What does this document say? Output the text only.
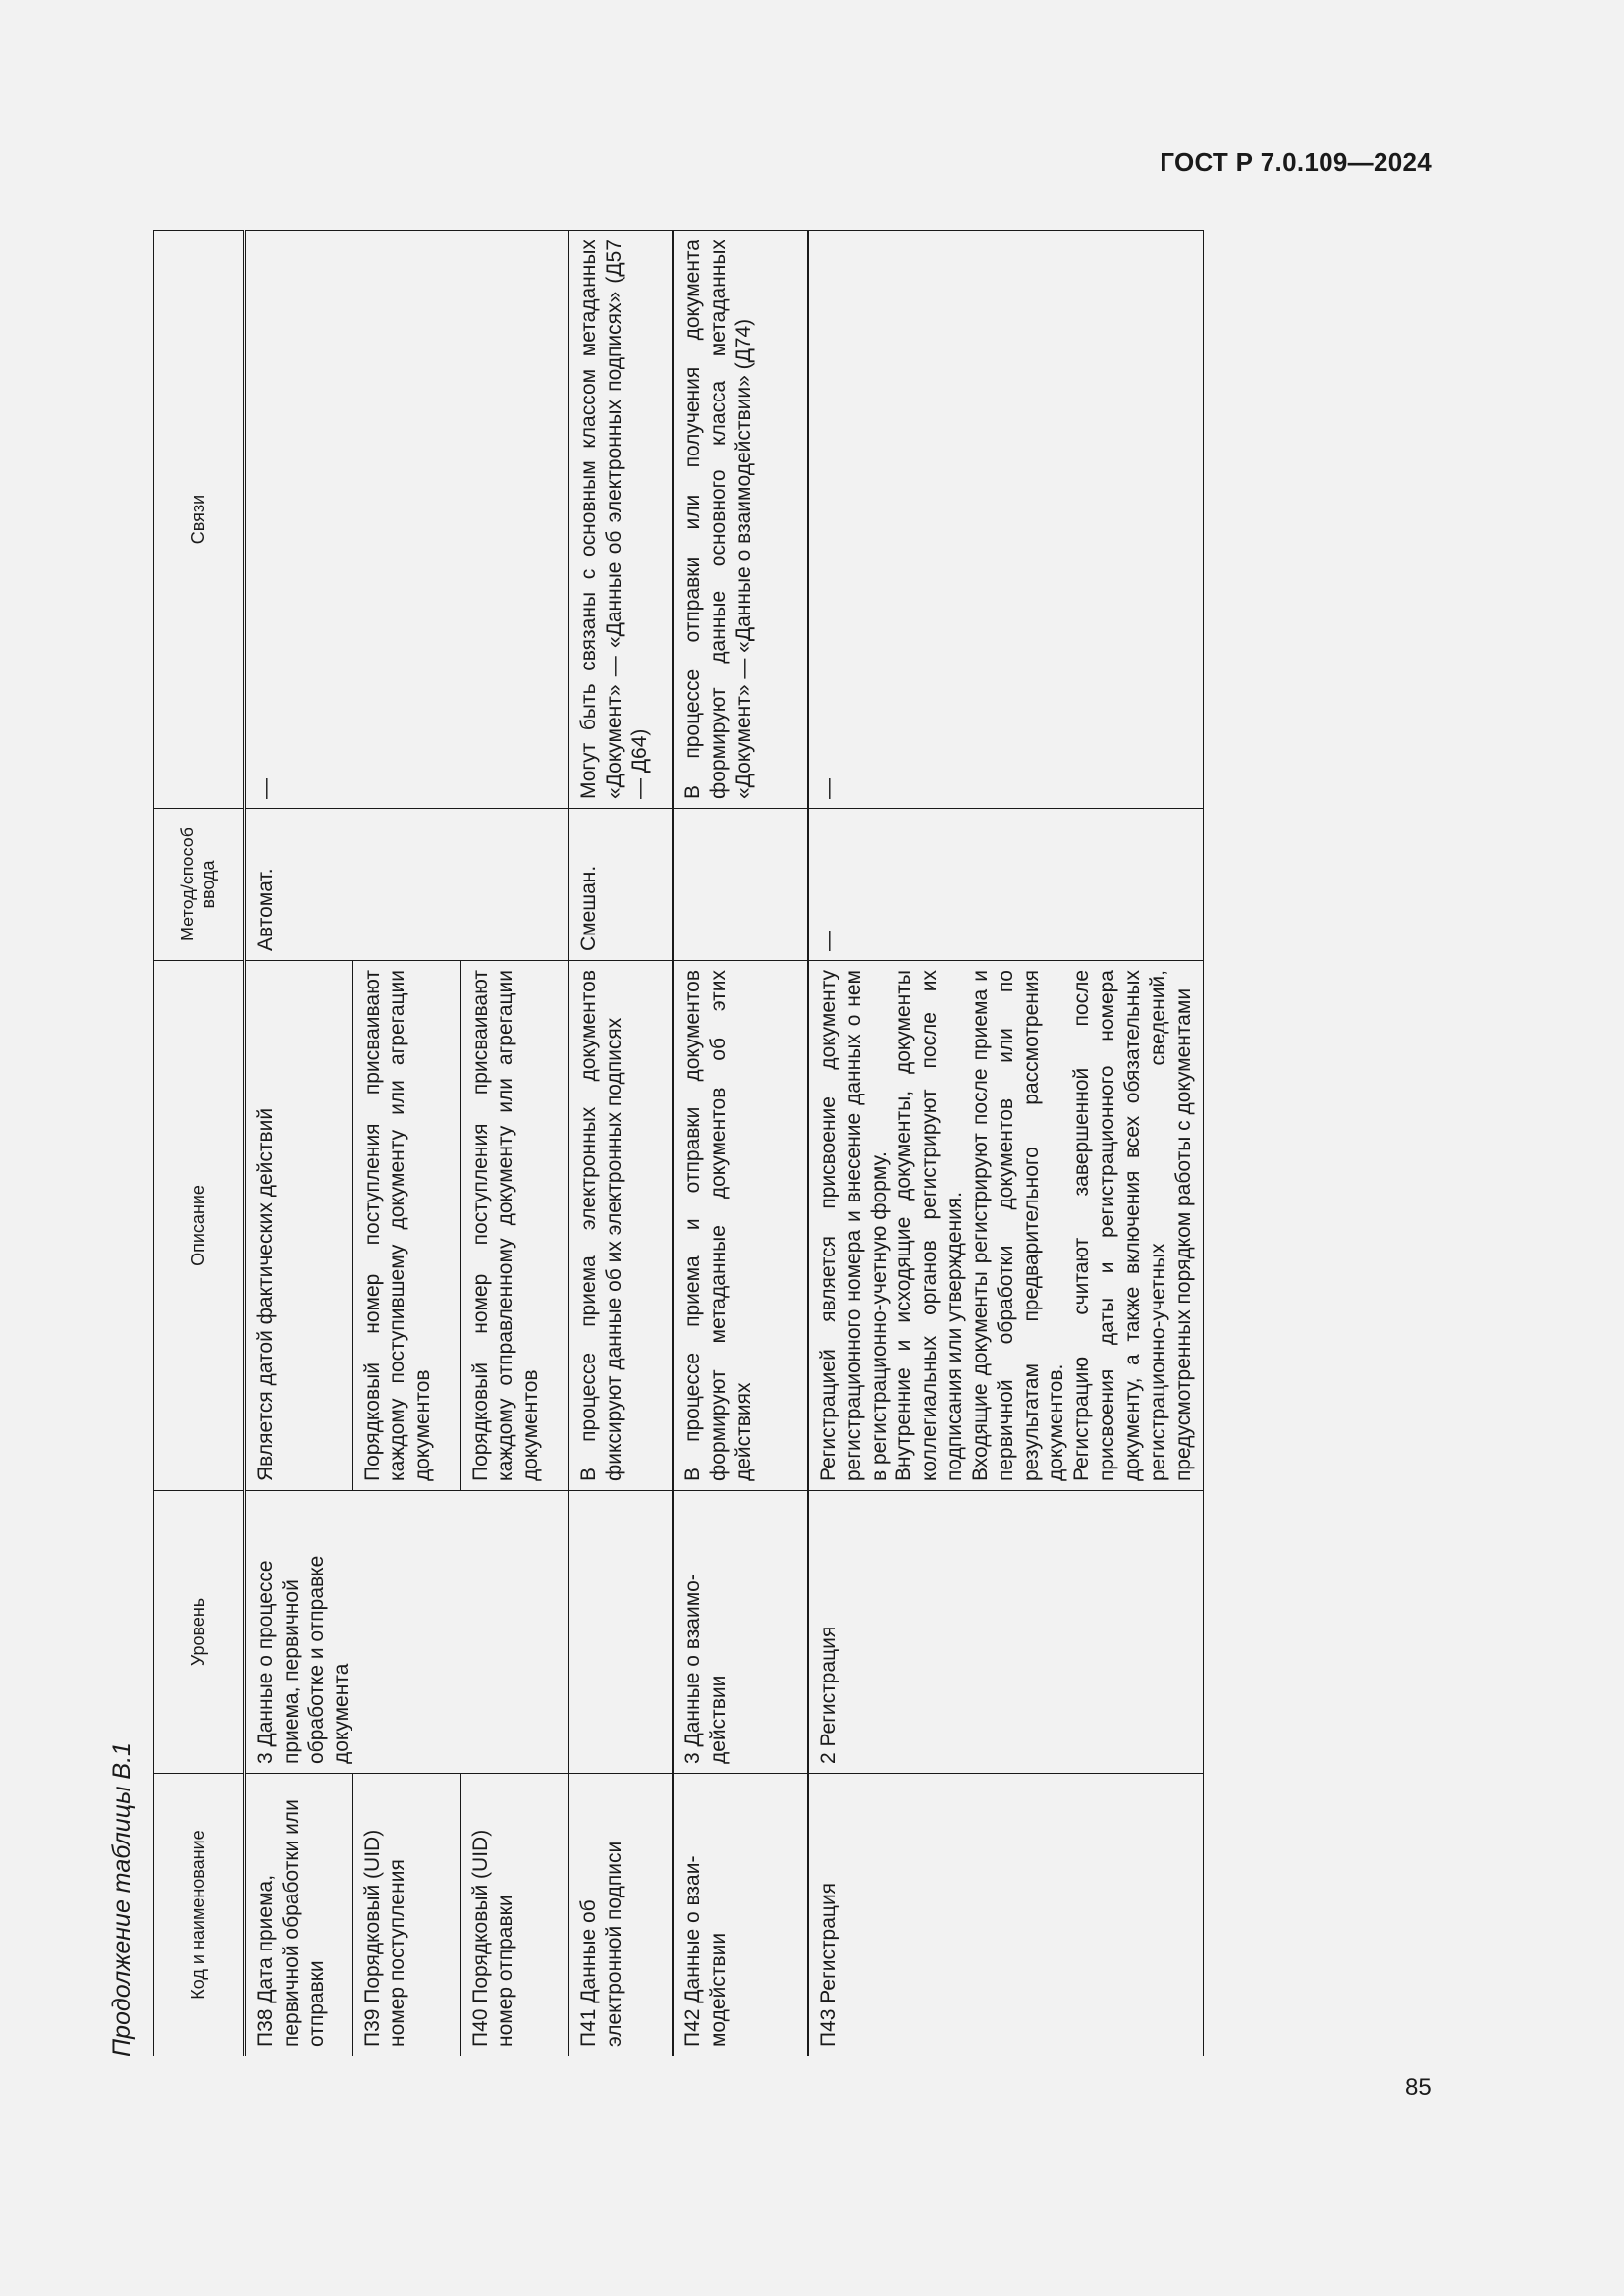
ГОСТ Р 7.0.109—2024
Продолжение таблицы В.1	Код и наименование	Уровень	Описание	Метод/способ ввода	Связи
П38 Дата приема, первичной обработки или отправки	3 Данные о процессе приема, первичной обработке и отправке документа	Является датой фактических действий	Автомат.	—
П39 Порядковый (UID) номер поступления		Порядковый номер поступления присваивают каждому поступившему документу или агрегации документов		
П40 Порядковый (UID) номер отправки		Порядковый номер поступления присваивают каждому отправленному документу или агрегации документов		
П41 Данные об электронной подписи		В процессе приема электронных документов фиксируют данные об их электронных подписях	Смешан.	Могут быть связаны с основным классом метаданных «Документ» — «Данные об электронных подписях» (Д57 — Д64)
П42 Данные о взаимодействии	3 Данные о взаимодействии	В процессе приема и отправки документов формируют метаданные документов об этих действиях		В процессе отправки или получения документа формируют данные основного класса метаданных «Документ» — «Данные о взаимодействии» (Д74)
П43 Регистрация	2 Регистрация	Регистрацией является присвоение документу регистрационного номера и внесение данных о нем в регистрационно-учетную форму. Внутренние и исходящие документы, документы коллегиальных органов регистрируют после их подписания или утверждения. Входящие документы регистрируют после приема и первичной обработки документов или по результатам предварительного рассмотрения документов. Регистрацию считают завершенной после присвоения даты и регистрационного номера документу, а также включения всех обязательных регистрационно-учетных сведений, предусмотренных порядком работы с документами	—	—
85
